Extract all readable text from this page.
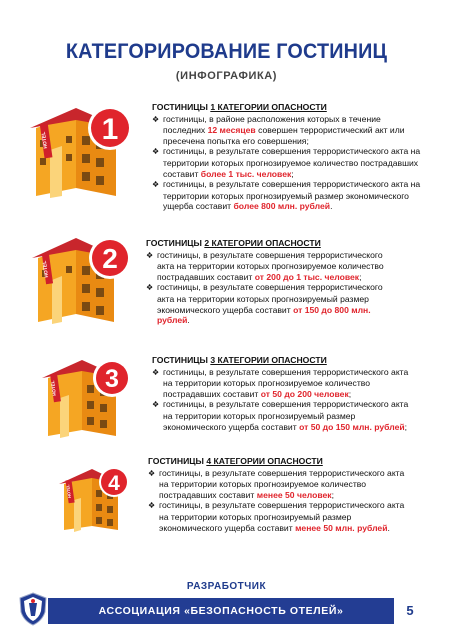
КАТЕГОРИРОВАНИЕ ГОСТИНИЦ
(ИНФОГРАФИКА)
HOTEL 1
HOTEL 2
HOTEL 3
HOTEL 4
ГОСТИНИЦЫ 1 КАТЕГОРИИ ОПАСНОСТИ
❖ гостиницы, в районе расположения которых в течение последних 12 месяцев совершен террористический акт или пресечена попытка его совершения;
❖ гостиницы, в результате совершения террористического акта на территории которых прогнозируемое количество пострадавших составит более 1 тыс. человек;
❖ гостиницы, в результате совершения террористического акта на территории которых прогнозируемый размер экономического ущерба составит более 800 млн. рублей.
ГОСТИНИЦЫ 2 КАТЕГОРИИ ОПАСНОСТИ
❖ гостиницы, в результате совершения террористического акта на территории которых прогнозируемое количество пострадавших составит от 200 до 1 тыс. человек;
❖ гостиницы, в результате совершения террористического акта на территории которых прогнозируемый размер экономического ущерба составит от 150 до 800 млн. рублей.
ГОСТИНИЦЫ 3 КАТЕГОРИИ ОПАСНОСТИ
❖ гостиницы, в результате совершения террористического акта на территории которых прогнозируемое количество пострадавших составит от 50 до 200 человек;
❖ гостиницы, в результате совершения террористического акта на территории которых прогнозируемый размер экономического ущерба составит от 50 до 150 млн. рублей;
ГОСТИНИЦЫ 4 КАТЕГОРИИ ОПАСНОСТИ
❖ гостиницы, в результате совершения террористического акта на территории которых прогнозируемое количество пострадавших составит менее 50 человек;
❖ гостиницы, в результате совершения террористического акта на территории которых прогнозируемый размер экономического ущерба составит менее 50 млн. рублей.
РАЗРАБОТЧИК
АССОЦИАЦИЯ «БЕЗОПАСНОСТЬ ОТЕЛЕЙ»	5
